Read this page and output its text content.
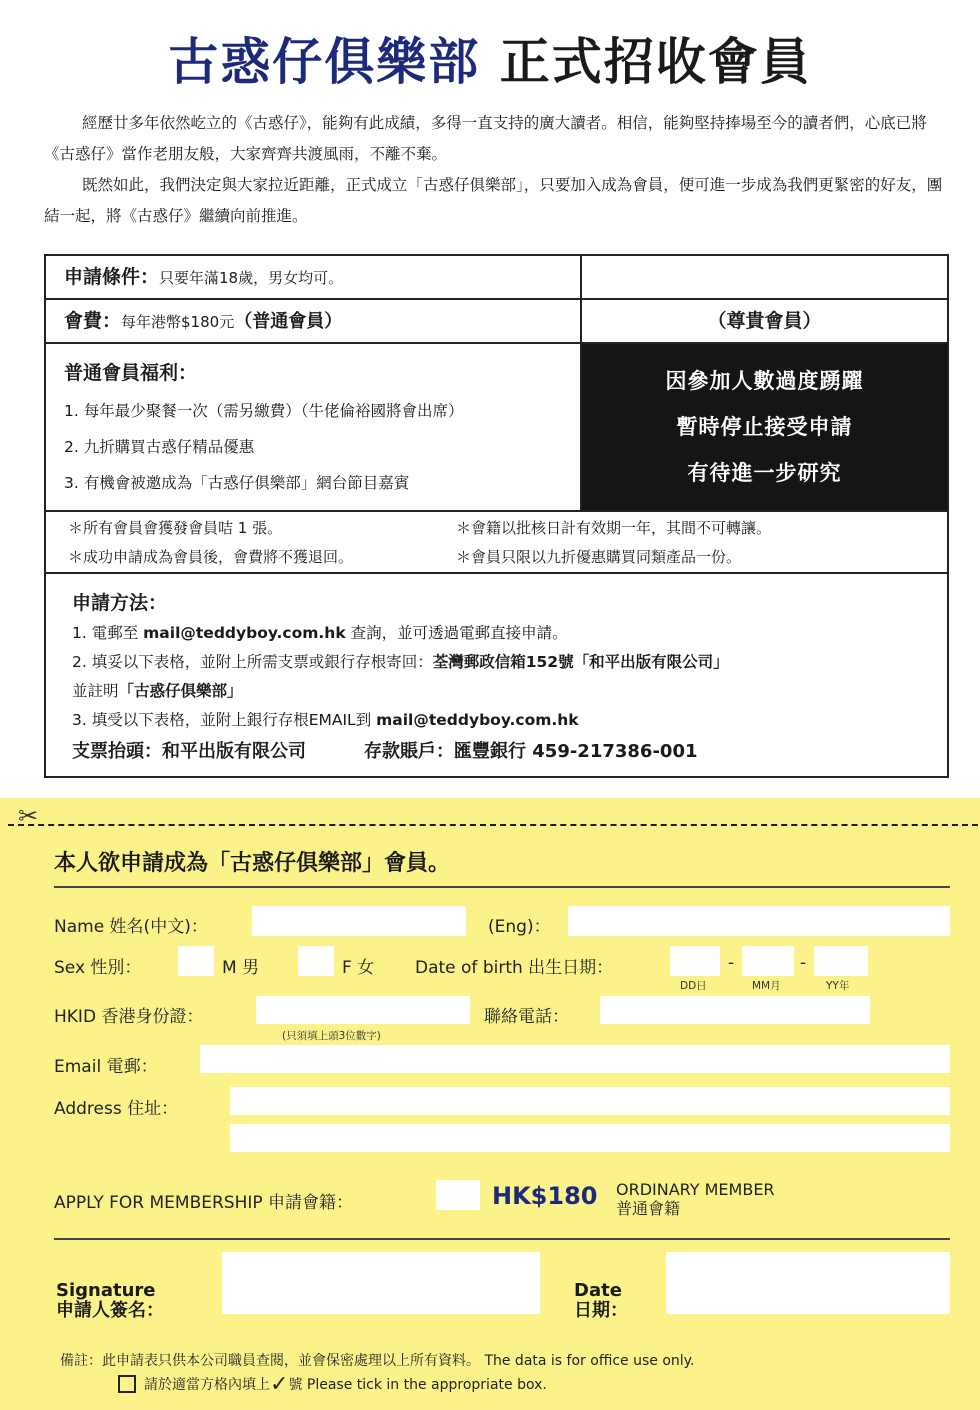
古惑仔俱樂部 正式招收會員
經歷廿多年依然屹立的《古惑仔》，能夠有此成績，多得一直支持的廣大讀者。相信，能夠堅持捧場至今的讀者們，心底已將《古惑仔》當作老朋友般，大家齊齊共渡風雨，不離不棄。
既然如此，我們決定與大家拉近距離，正式成立「古惑仔俱樂部」，只要加入成為會員，便可進一步成為我們更緊密的好友，團結一起，將《古惑仔》繼續向前推進。
申請條件：只要年滿18歲，男女均可。
會費：每年港幣$180元（普通會員）	（尊貴會員）
普通會員福利：
1. 每年最少聚餐一次（需另繳費）（牛佬倫裕國將會出席）
2. 九折購買古惑仔精品優惠
3. 有機會被邀成為「古惑仔俱樂部」網台節目嘉賓
因參加人數過度踴躍
暫時停止接受申請
有待進一步研究
＊所有會員會獲發會員咭 1 張。	＊會籍以批核日計有效期一年，其間不可轉讓。
＊成功申請成為會員後，會費將不獲退回。	＊會員只限以九折優惠購買同類產品一份。
申請方法：
1. 電郵至 mail@teddyboy.com.hk 查詢，並可透過電郵直接申請。
2. 填妥以下表格，並附上所需支票或銀行存根寄回：荃灣郵政信箱152號「和平出版有限公司」
並註明「古惑仔俱樂部」
3. 填受以下表格，並附上銀行存根EMAIL到 mail@teddyboy.com.hk
支票抬頭：和平出版有限公司	存款賬戶：匯豐銀行 459-217386-001
✂
本人欲申請成為「古惑仔俱樂部」會員。
Name 姓名(中文)：	(Eng)：
Sex 性別：	M 男	F 女 Date of birth 出生日期：	-	-
DD日	MM月	YY年
HKID 香港身份證：
(只須填上頭3位數字)
聯絡電話：
Email 電郵：
Address 住址：
APPLY FOR MEMBERSHIP 申請會籍：	HK$180 ORDINARY MEMBER
普通會籍
Signature
申請人簽名：
Date
日期：
備註：此申請表只供本公司職員查閱，並會保密處理以上所有資料。 The data is for office use only.
請於適當方格內填上✓號 Please tick in the appropriate box.
